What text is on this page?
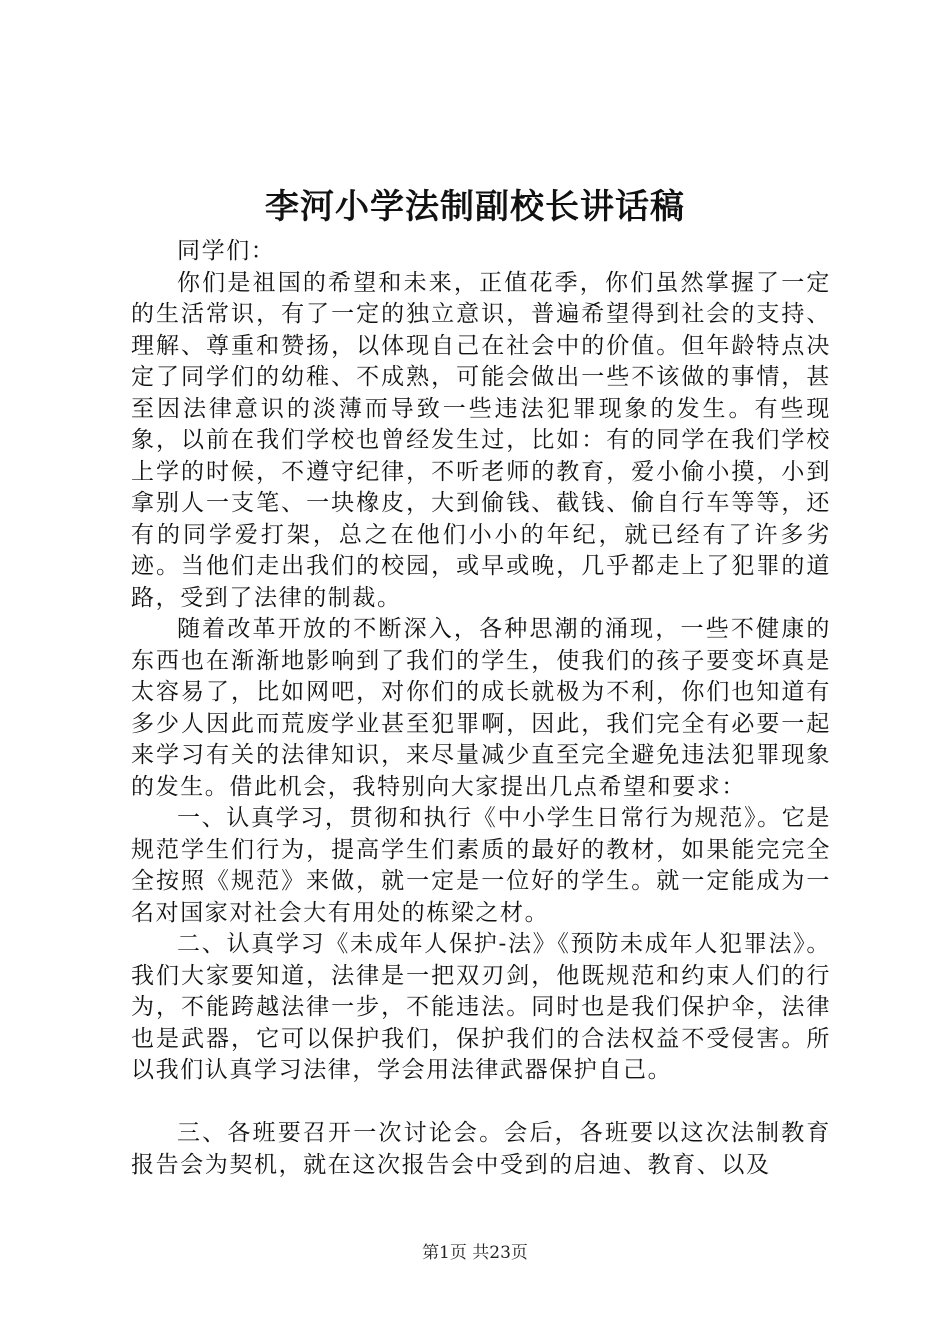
李河小学法制副校长讲话稿

同学们：

你们是祖国的希望和未来，正值花季，你们虽然掌握了一定的生活常识，有了一定的独立意识，普遍希望得到社会的支持、理解、尊重和赞扬，以体现自己在社会中的价值。但年龄特点决定了同学们的幼稚、不成熟，可能会做出一些不该做的事情，甚至因法律意识的淡薄而导致一些违法犯罪现象的发生。有些现象，以前在我们学校也曾经发生过，比如：有的同学在我们学校上学的时候，不遵守纪律，不听老师的教育，爱小偷小摸，小到拿别人一支笔、一块橡皮，大到偷钱、截钱、偷自行车等等，还有的同学爱打架，总之在他们小小的年纪，就已经有了许多劣迹。当他们走出我们的校园，或早或晚，几乎都走上了犯罪的道路，受到了法律的制裁。

随着改革开放的不断深入，各种思潮的涌现，一些不健康的东西也在渐渐地影响到了我们的学生，使我们的孩子要变坏真是太容易了，比如网吧，对你们的成长就极为不利，你们也知道有多少人因此而荒废学业甚至犯罪啊，因此，我们完全有必要一起来学习有关的法律知识，来尽量减少直至完全避免违法犯罪现象的发生。借此机会，我特别向大家提出几点希望和要求：

一、认真学习，贯彻和执行《中小学生日常行为规范》。它是规范学生们行为，提高学生们素质的最好的教材，如果能完完全全按照《规范》来做，就一定是一位好的学生。就一定能成为一名对国家对社会大有用处的栋梁之材。

二、认真学习《未成年人保护-法》《预防未成年人犯罪法》。我们大家要知道，法律是一把双刃剑，他既规范和约束人们的行为，不能跨越法律一步，不能违法。同时也是我们保护伞，法律也是武器，它可以保护我们，保护我们的合法权益不受侵害。所以我们认真学习法律，学会用法律武器保护自己。

三、各班要召开一次讨论会。会后，各班要以这次法制教育报告会为契机，就在这次报告会中受到的启迪、教育、以及

第1页 共23页
